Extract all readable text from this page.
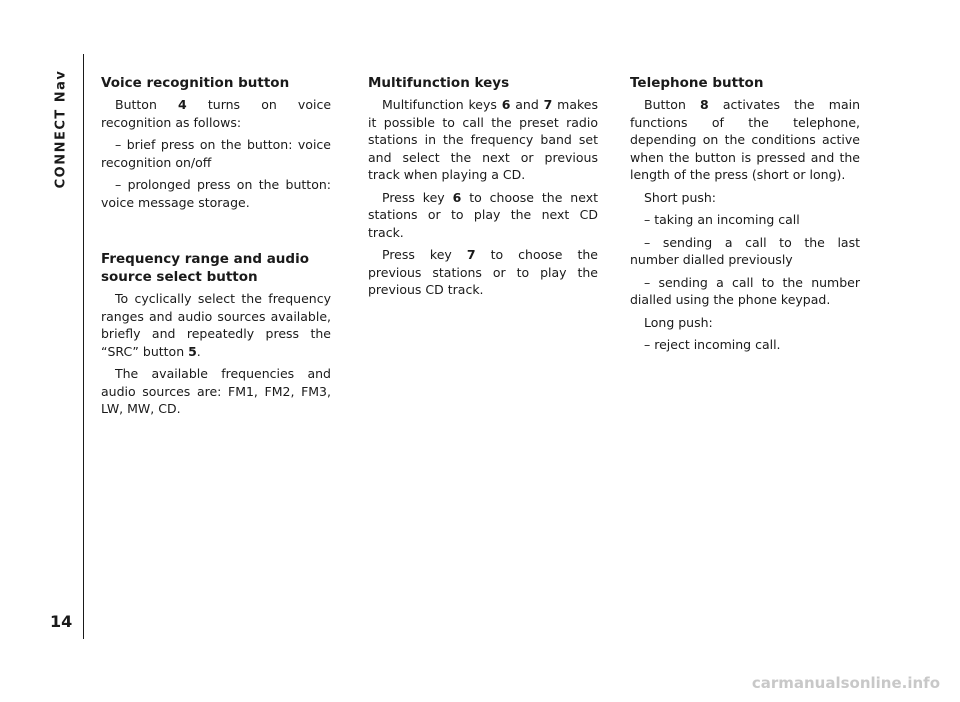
CONNECT Nav
14
Voice recognition button

Button 4 turns on voice recognition as follows:

– brief press on the button: voice recognition on/off

– prolonged press on the button: voice message storage.

Frequency range and audio
source select button

To cyclically select the frequency ranges and audio sources available, briefly and repeatedly press the “SRC” button 5.

The available frequencies and audio sources are: FM1, FM2, FM3, LW, MW, CD.

Multifunction keys

Multifunction keys 6 and 7 makes it possible to call the preset radio stations in the frequency band set and select the next or previous track when playing a CD.

Press key 6 to choose the next stations or to play the next CD track.

Press key 7 to choose the previous stations or to play the previous CD track.

Telephone button

Button 8 activates the main functions of the telephone, depending on the conditions active when the button is pressed and the length of the press (short or long).

Short push:

– taking an incoming call

– sending a call to the last number dialled previously

– sending a call to the number dialled using the phone keypad.

Long push:

– reject incoming call.

carmanualsonline.info
